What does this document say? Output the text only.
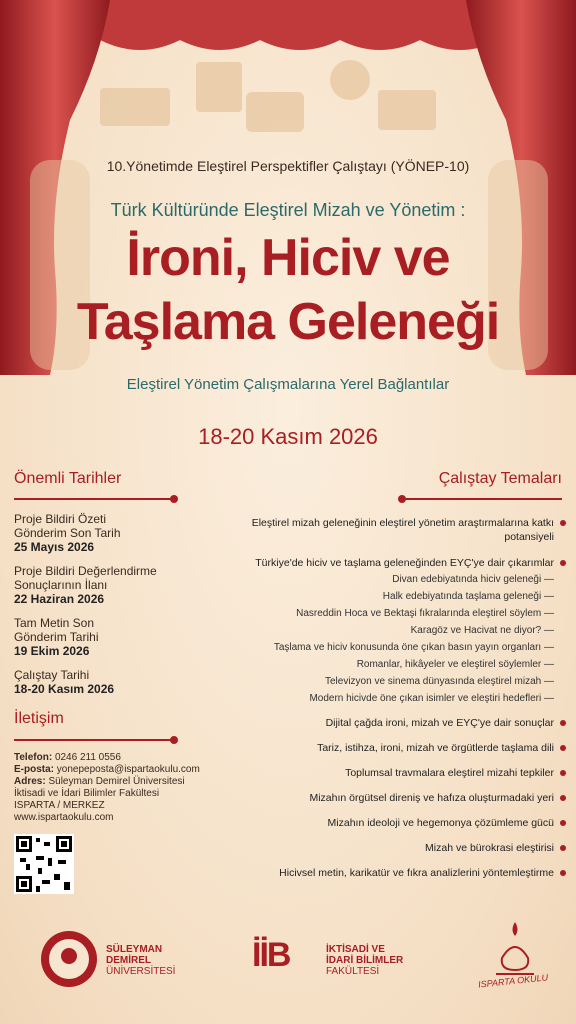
10.Yönetimde Eleştirel Perspektifler Çalıştayı (YÖNEP-10)
Türk Kültüründe Eleştirel Mizah ve Yönetim :
İroni, Hiciv ve
Taşlama Geleneği
Eleştirel Yönetim Çalışmalarına Yerel Bağlantılar
18-20 Kasım 2026
Önemli Tarihler
Proje Bildiri Özeti Gönderim Son Tarih
25 Mayıs 2026
Proje Bildiri Değerlendirme Sonuçlarının İlanı
22 Haziran 2026
Tam Metin Son Gönderim Tarihi
19 Ekim 2026
Çalıştay Tarihi
18-20 Kasım 2026
İletişim
Telefon: 0246 211 0556
E-posta: yonepeposta@ispartaokulu.com
Adres: Süleyman Demirel Üniversitesi
İktisadi ve İdari Bilimler Fakültesi
ISPARTA / MERKEZ
www.ispartaokulu.com
Çalıştay Temaları
Eleştirel mizah geleneğinin eleştirel yönetim araştırmalarına katkı potansiyeli
Türkiye'de hiciv ve taşlama geleneğinden EYÇ'ye dair çıkarımlar
Divan edebiyatında hiciv geleneği —
Halk edebiyatında taşlama geleneği —
Nasreddin Hoca ve Bektaşi fıkralarında eleştirel söylem —
Karagöz ve Hacivat ne diyor? —
Taşlama ve hiciv konusunda öne çıkan basın yayın organları —
Romanlar, hikâyeler ve eleştirel söylemler —
Televizyon ve sinema dünyasında eleştirel mizah —
Modern hicivde öne çıkan isimler ve eleştiri hedefleri —
Dijital çağda ironi, mizah ve EYÇ'ye dair sonuçlar
Tariz, istihza, ironi, mizah ve örgütlerde taşlama dili
Toplumsal travmalara eleştirel mizahi tepkiler
Mizahın örgütsel direniş ve hafıza oluşturmadaki yeri
Mizahın ideoloji ve hegemonya çözümleme gücü
Mizah ve bürokrasi eleştirisi
Hicivsel metin, karikatür ve fıkra analizlerini yöntemleştirme
SÜLEYMAN
DEMİREL
ÜNİVERSİTESİ İİB	İKTİSADİ VE
İDARİ BİLİMLER
FAKÜLTESİ
ISPARTA OKULU
